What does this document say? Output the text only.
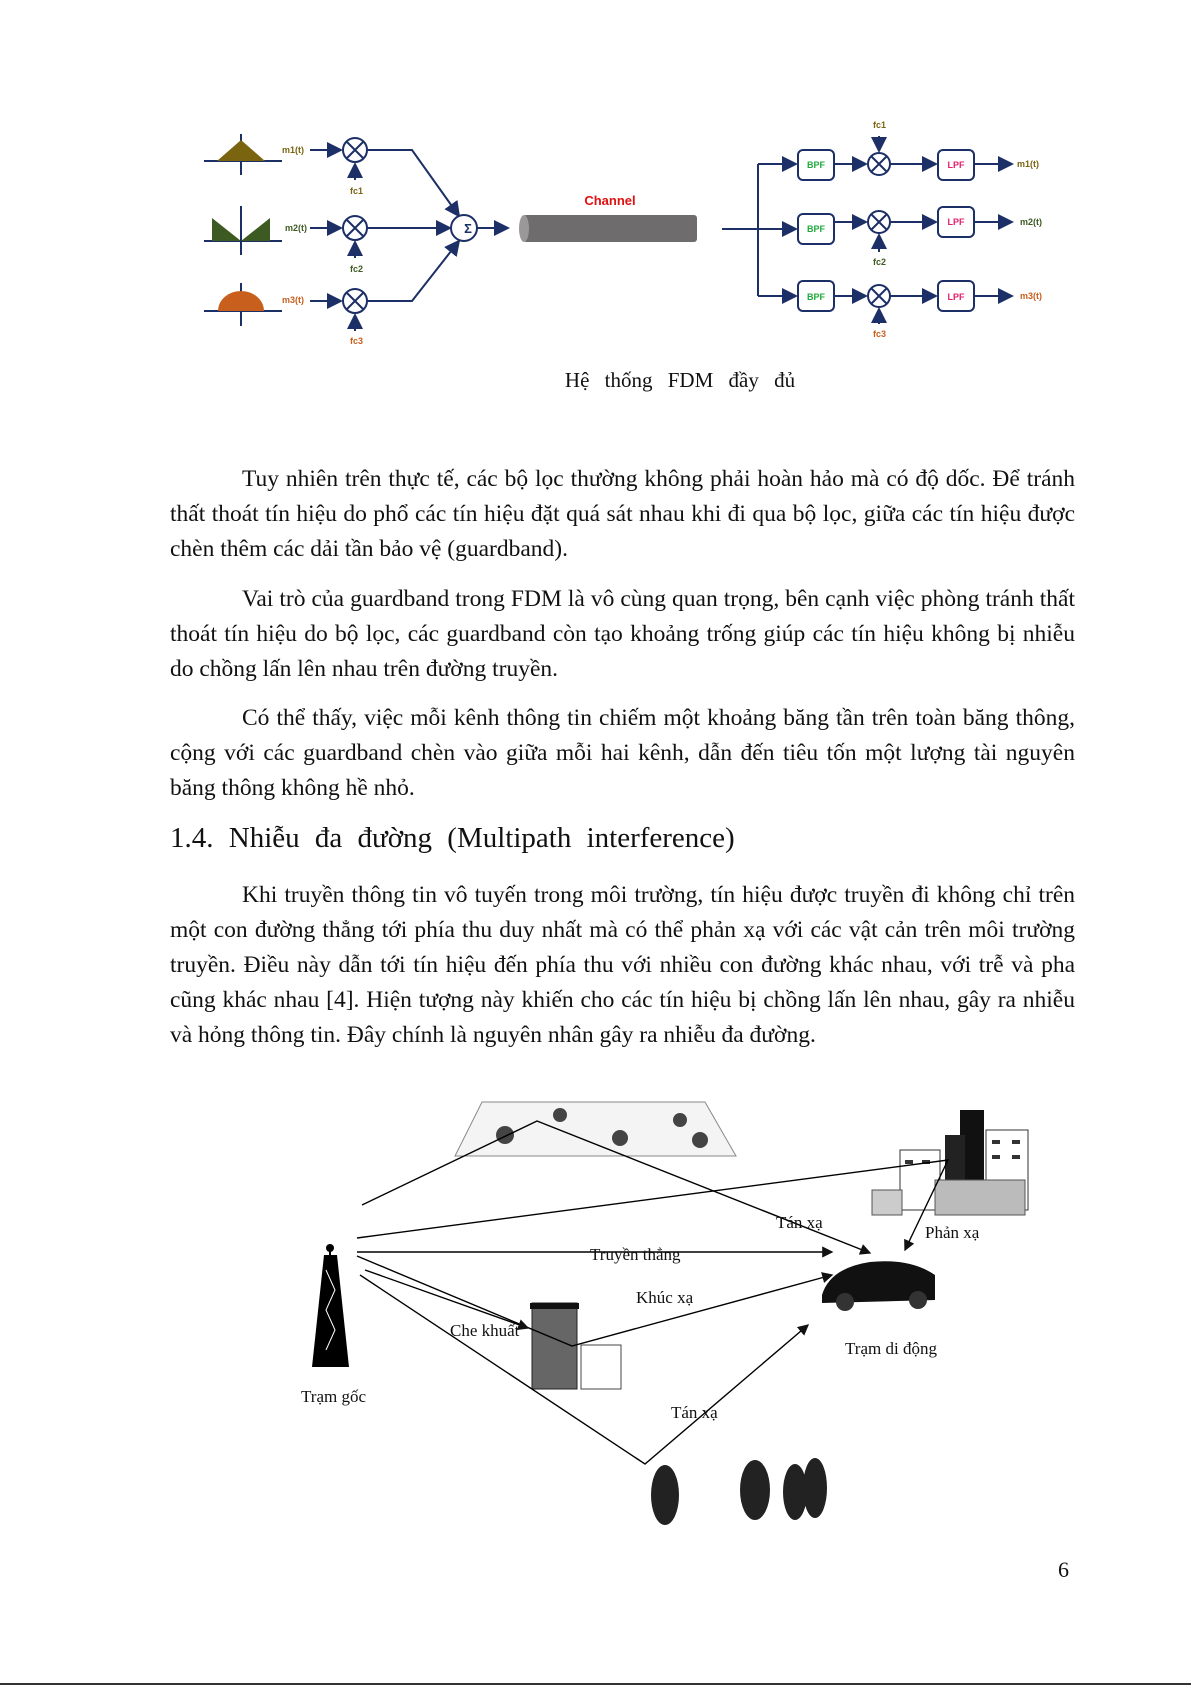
Σ
Channel
m1(t)
m2(t)
m3(t)
fc1
fc2
fc3
fc1
fc2
fc3
BPF
BPF
BPF
LPF
LPF
LPF
m1(t)
m2(t)
m3(t)
Hệ thống FDM đầy đủ
Tuy nhiên trên thực tế, các bộ lọc thường không phải hoàn hảo mà có độ dốc. Để tránh thất thoát tín hiệu do phổ các tín hiệu đặt quá sát nhau khi đi qua bộ lọc, giữa các tín hiệu được chèn thêm các dải tần bảo vệ (guardband).
Vai trò của guardband trong FDM là vô cùng quan trọng, bên cạnh việc phòng tránh thất thoát tín hiệu do bộ lọc, các guardband còn tạo khoảng trống giúp các tín hiệu không bị nhiễu do chồng lấn lên nhau trên đường truyền.
Có thể thấy, việc mỗi kênh thông tin chiếm một khoảng băng tần trên toàn băng thông, cộng với các guardband chèn vào giữa mỗi hai kênh, dẫn đến tiêu tốn một lượng tài nguyên băng thông không hề nhỏ.
1.4. Nhiễu đa đường (Multipath interference)
Khi truyền thông tin vô tuyến trong môi trường, tín hiệu được truyền đi không chỉ trên một con đường thẳng tới phía thu duy nhất mà có thể phản xạ với các vật cản trên môi trường truyền. Điều này dẫn tới tín hiệu đến phía thu với nhiều con đường khác nhau, với trễ và pha cũng khác nhau [4]. Hiện tượng này khiến cho các tín hiệu bị chồng lấn lên nhau, gây ra nhiễu và hỏng thông tin. Đây chính là nguyên nhân gây ra nhiễu đa đường.
Tán xạ
Phản xạ
Truyền thẳng
Khúc xạ
Che khuất
Trạm di động
Tán xạ
Trạm gốc
6
